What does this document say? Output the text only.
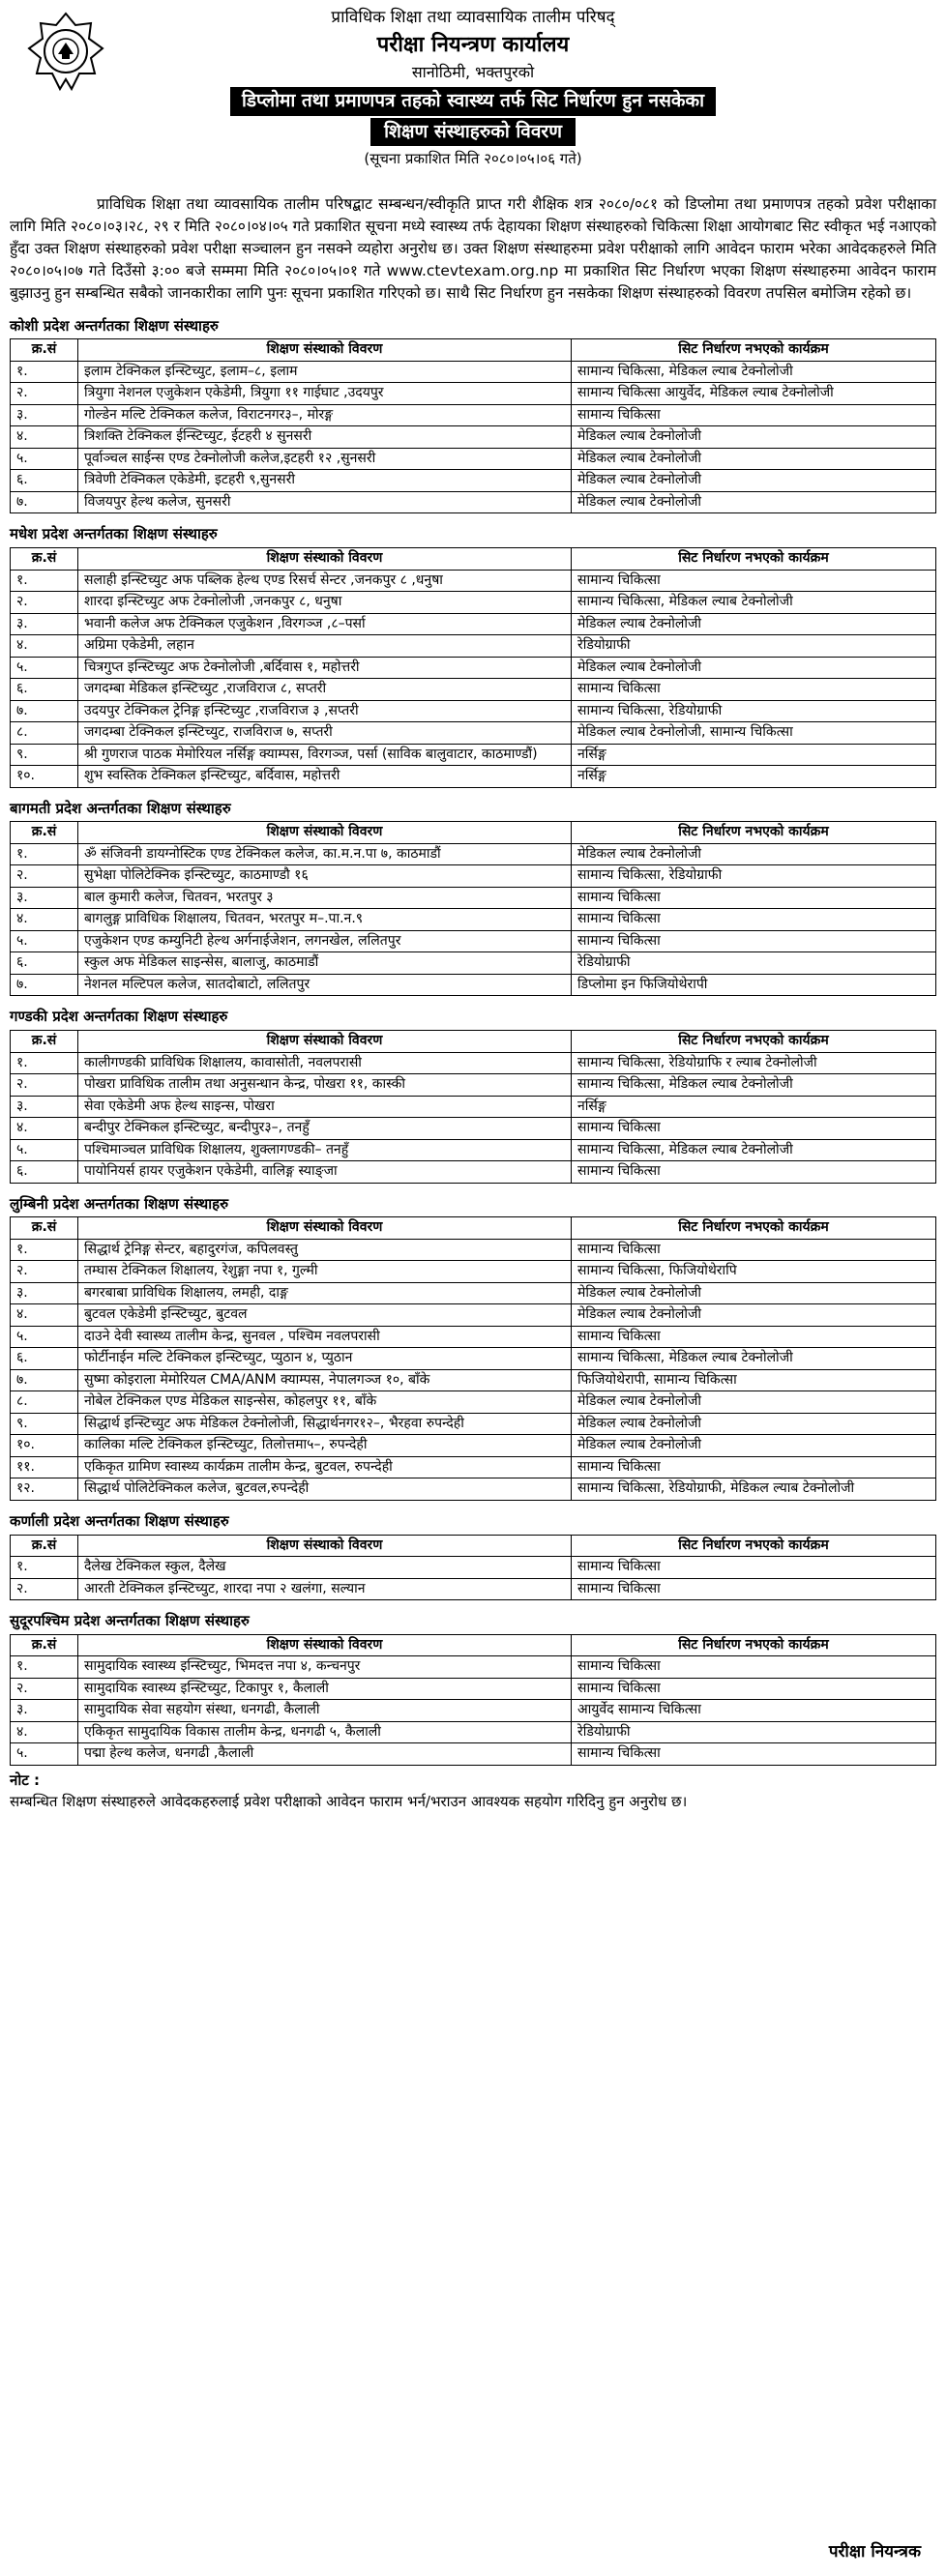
प्राविधिक शिक्षा तथा व्यावसायिक तालीम परिषद्
परीक्षा नियन्त्रण कार्यालय
सानोठिमी, भक्तपुरको
डिप्लोमा तथा प्रमाणपत्र तहको स्वास्थ्य तर्फ सिट निर्धारण हुन नसकेका
शिक्षण संस्थाहरुको विवरण
(सूचना प्रकाशित मिति २०८०।०५।०६ गते)

प्राविधिक शिक्षा तथा व्यावसायिक तालीम परिषद्बाट सम्बन्धन/स्वीकृति प्राप्त गरी शैक्षिक शत्र २०८०/०८१ को डिप्लोमा तथा प्रमाणपत्र तहको प्रवेश परीक्षाका लागि मिति २०८०।०३।२८, २९ र मिति २०८०।०४।०५ गते प्रकाशित सूचना मध्ये स्वास्थ्य तर्फ देहायका शिक्षण संस्थाहरुको चिकित्सा शिक्षा आयोगबाट सिट स्वीकृत भई नआएको हुँदा उक्त शिक्षण संस्थाहरुको प्रवेश परीक्षा सञ्चालन हुन नसक्ने व्यहोरा अनुरोध छ। उक्त शिक्षण संस्थाहरुमा प्रवेश परीक्षाको लागि आवेदन फाराम भरेका आवेदकहरुले मिति २०८०।०५।०७ गते दिउँसो ३:०० बजे सम्ममा मिति २०८०।०५।०१ गते www.ctevtexam.org.np मा प्रकाशित सिट निर्धारण भएका शिक्षण संस्थाहरुमा आवेदन फाराम बुझाउनु हुन सम्बन्धित सबैको जानकारीका लागि पुनः सूचना प्रकाशित गरिएको छ। साथै सिट निर्धारण हुन नसकेका शिक्षण संस्थाहरुको विवरण तपसिल बमोजिम रहेको छ।

कोशी प्रदेश अन्तर्गतका शिक्षण संस्थाहरु
क्र.सं	शिक्षण संस्थाको विवरण	सिट निर्धारण नभएको कार्यक्रम
१.	इलाम टेक्निकल इन्स्टिच्युट, इलाम–८, इलाम	सामान्य चिकित्सा, मेडिकल ल्याब टेक्नोलोजी
२.	त्रियुगा नेशनल एजुकेशन एकेडेमी, त्रियुगा ११ गाईघाट ,उदयपुर	सामान्य चिकित्सा आयुर्वेद, मेडिकल ल्याब टेक्नोलोजी
३.	गोल्डेन मल्टि टेक्निकल कलेज, विराटनगर३–, मोरङ्ग	सामान्य चिकित्सा
४.	त्रिशक्ति टेक्निकल ईन्स्टिच्युट, ईटहरी ४ सुनसरी	मेडिकल ल्याब टेक्नोलोजी
५.	पूर्वाञ्चल साईन्स एण्ड टेक्नोलोजी कलेज,इटहरी १२ ,सुनसरी	मेडिकल ल्याब टेक्नोलोजी
६.	त्रिवेणी टेक्निकल एकेडेमी, इटहरी ९,सुनसरी	मेडिकल ल्याब टेक्नोलोजी
७.	विजयपुर हेल्थ कलेज, सुनसरी	मेडिकल ल्याब टेक्नोलोजी
मधेश प्रदेश अन्तर्गतका शिक्षण संस्थाहरु
क्र.सं	शिक्षण संस्थाको विवरण	सिट निर्धारण नभएको कार्यक्रम
१.	सलाही इन्स्टिच्युट अफ पब्लिक हेल्थ एण्ड रिसर्च सेन्टर ,जनकपुर ८ ,धनुषा	सामान्य चिकित्सा
२.	शारदा इन्स्टिच्युट अफ टेक्नोलोजी ,जनकपुर ८, धनुषा	सामान्य चिकित्सा, मेडिकल ल्याब टेक्नोलोजी
३.	भवानी कलेज अफ टेक्निकल एजुकेशन ,विरगञ्ज ,८–पर्सा	मेडिकल ल्याब टेक्नोलोजी
४.	अग्रिमा एकेडेमी, लहान	रेडियोग्राफी
५.	चित्रगुप्त इन्स्टिच्युट अफ टेक्नोलोजी ,बर्दिवास १, महोत्तरी	मेडिकल ल्याब टेक्नोलोजी
६.	जगदम्बा मेडिकल इन्स्टिच्युट ,राजविराज ८, सप्तरी	सामान्य चिकित्सा
७.	उदयपुर टेक्निकल ट्रेनिङ्ग इन्स्टिच्युट ,राजविराज ३ ,सप्तरी	सामान्य चिकित्सा, रेडियोग्राफी
८.	जगदम्बा टेक्निकल इन्स्टिच्युट, राजविराज ७, सप्तरी	मेडिकल ल्याब टेक्नोलोजी, सामान्य चिकित्सा
९.	श्री गुणराज पाठक मेमोरियल नर्सिङ्ग क्याम्पस, विरगञ्ज, पर्सा (साविक बालुवाटार, काठमाण्डौं)	नर्सिङ्ग
१०.	शुभ स्वस्तिक टेक्निकल इन्स्टिच्युट, बर्दिवास, महोत्तरी	नर्सिङ्ग
बागमती प्रदेश अन्तर्गतका शिक्षण संस्थाहरु
क्र.सं	शिक्षण संस्थाको विवरण	सिट निर्धारण नभएको कार्यक्रम
१.	ॐ संजिवनी डायग्नोस्टिक एण्ड टेक्निकल कलेज, का.म.न.पा ७, काठमाडौं	मेडिकल ल्याब टेक्नोलोजी
२.	सुभेक्षा पोलिटेक्निक इन्स्टिच्युट, काठमाण्डौ १६	सामान्य चिकित्सा, रेडियोग्राफी
३.	बाल कुमारी कलेज, चितवन, भरतपुर ३	सामान्य चिकित्सा
४.	बागलुङ्ग प्राविधिक शिक्षालय, चितवन, भरतपुर म–.पा.न.९	सामान्य चिकित्सा
५.	एजुकेशन एण्ड कम्युनिटी हेल्थ अर्गनाईजेशन, लगनखेल, ललितपुर	सामान्य चिकित्सा
६.	स्कुल अफ मेडिकल साइन्सेस, बालाजु, काठमाडौं	रेडियोग्राफी
७.	नेशनल मल्टिपल कलेज, सातदोबाटो, ललितपुर	डिप्लोमा इन फिजियोथेरापी
गण्डकी प्रदेश अन्तर्गतका शिक्षण संस्थाहरु
क्र.सं	शिक्षण संस्थाको विवरण	सिट निर्धारण नभएको कार्यक्रम
१.	कालीगण्डकी प्राविधिक शिक्षालय, कावासोती, नवलपरासी	सामान्य चिकित्सा, रेडियोग्राफि र ल्याब टेक्नोलोजी
२.	पोखरा प्राविधिक तालीम तथा अनुसन्धान केन्द्र, पोखरा ११, कास्की	सामान्य चिकित्सा, मेडिकल ल्याब टेक्नोलोजी
३.	सेवा एकेडेमी अफ हेल्थ साइन्स, पोखरा	नर्सिङ्ग
४.	बन्दीपुर टेक्निकल इन्स्टिच्युट, बन्दीपुर३–, तनहुँ	सामान्य चिकित्सा
५.	पश्चिमाञ्चल प्राविधिक शिक्षालय, शुक्लागण्डकी– तनहुँ	सामान्य चिकित्सा, मेडिकल ल्याब टेक्नोलोजी
६.	पायोनियर्स हायर एजुकेशन एकेडेमी, वालिङ्ग स्याङ्जा	सामान्य चिकित्सा
लुम्बिनी प्रदेश अन्तर्गतका शिक्षण संस्थाहरु
क्र.सं	शिक्षण संस्थाको विवरण	सिट निर्धारण नभएको कार्यक्रम
१.	सिद्धार्थ ट्रेनिङ्ग सेन्टर, बहादुरगंज, कपिलवस्तु	सामान्य चिकित्सा
२.	तम्घास टेक्निकल शिक्षालय, रेशुङ्गा नपा १, गुल्मी	सामान्य चिकित्सा, फिजियोथेरापि
३.	बगरबाबा प्राविधिक शिक्षालय, लमही, दाङ्ग	मेडिकल ल्याब टेक्नोलोजी
४.	बुटवल एकेडेमी इन्स्टिच्युट, बुटवल	मेडिकल ल्याब टेक्नोलोजी
५.	दाउने देवी स्वास्थ्य तालीम केन्द्र, सुनवल , पश्चिम नवलपरासी	सामान्य चिकित्सा
६.	फोर्टीनाईन मल्टि टेक्निकल इन्स्टिच्युट, प्युठान ४, प्युठान	सामान्य चिकित्सा, मेडिकल ल्याब टेक्नोलोजी
७.	सुष्मा कोइराला मेमोरियल CMA/ANM क्याम्पस, नेपालगञ्ज १०, बाँके	फिजियोथेरापी, सामान्य चिकित्सा
८.	नोबेल टेक्निकल एण्ड मेडिकल साइन्सेस, कोहलपुर ११, बाँके	मेडिकल ल्याब टेक्नोलोजी
९.	सिद्धार्थ इन्स्टिच्युट अफ मेडिकल टेक्नोलोजी, सिद्धार्थनगर१२–, भैरहवा रुपन्देही	मेडिकल ल्याब टेक्नोलोजी
१०.	कालिका मल्टि टेक्निकल इन्स्टिच्युट, तिलोत्तमा५–, रुपन्देही	मेडिकल ल्याब टेक्नोलोजी
११.	एकिकृत ग्रामिण स्वास्थ्य कार्यक्रम तालीम केन्द्र, बुटवल, रुपन्देही	सामान्य चिकित्सा
१२.	सिद्धार्थ पोलिटेक्निकल कलेज, बुटवल,रुपन्देही	सामान्य चिकित्सा, रेडियोग्राफी, मेडिकल ल्याब टेक्नोलोजी
कर्णाली प्रदेश अन्तर्गतका शिक्षण संस्थाहरु
क्र.सं	शिक्षण संस्थाको विवरण	सिट निर्धारण नभएको कार्यक्रम
१.	दैलेख टेक्निकल स्कुल, दैलेख	सामान्य चिकित्सा
२.	आरती टेक्निकल इन्स्टिच्युट, शारदा नपा २ खलंगा, सल्यान	सामान्य चिकित्सा
सुदूरपश्चिम प्रदेश अन्तर्गतका शिक्षण संस्थाहरु
क्र.सं	शिक्षण संस्थाको विवरण	सिट निर्धारण नभएको कार्यक्रम
१.	सामुदायिक स्वास्थ्य इन्स्टिच्युट, भिमदत्त नपा ४, कन्चनपुर	सामान्य चिकित्सा
२.	सामुदायिक स्वास्थ्य इन्स्टिच्युट, टिकापुर १, कैलाली	सामान्य चिकित्सा
३.	सामुदायिक सेवा सहयोग संस्था, धनगढी, कैलाली	आयुर्वेद सामान्य चिकित्सा
४.	एकिकृत सामुदायिक विकास तालीम केन्द्र, धनगढी ५, कैलाली	रेडियोग्राफी
५.	पद्मा हेल्थ कलेज, धनगढी ,कैलाली	सामान्य चिकित्सा
नोट :
सम्बन्धित शिक्षण संस्थाहरुले आवेदकहरुलाई प्रवेश परीक्षाको आवेदन फाराम भर्न/भराउन आवश्यक सहयोग गरिदिनु हुन अनुरोध छ।
परीक्षा नियन्त्रक
